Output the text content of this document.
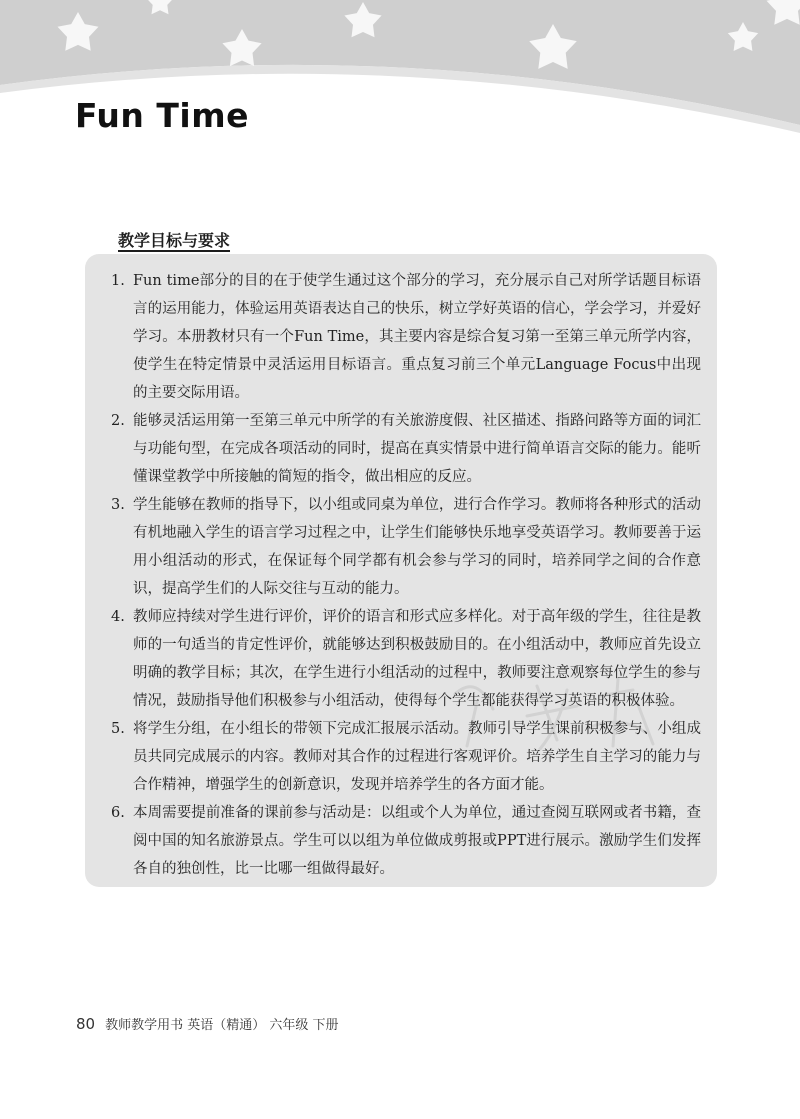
Fun Time
教学目标与要求
1. Fun time部分的目的在于使学生通过这个部分的学习，充分展示自己对所学话题目标语言的运用能力，体验运用英语表达自己的快乐，树立学好英语的信心，学会学习，并爱好学习。本册教材只有一个Fun Time，其主要内容是综合复习第一至第三单元所学内容，使学生在特定情景中灵活运用目标语言。重点复习前三个单元Language Focus中出现的主要交际用语。
2. 能够灵活运用第一至第三单元中所学的有关旅游度假、社区描述、指路问路等方面的词汇与功能句型，在完成各项活动的同时，提高在真实情景中进行简单语言交际的能力。能听懂课堂教学中所接触的简短的指令，做出相应的反应。
3. 学生能够在教师的指导下，以小组或同桌为单位，进行合作学习。教师将各种形式的活动有机地融入学生的语言学习过程之中，让学生们能够快乐地享受英语学习。教师要善于运用小组活动的形式，在保证每个同学都有机会参与学习的同时，培养同学之间的合作意识，提高学生们的人际交往与互动的能力。
4. 教师应持续对学生进行评价，评价的语言和形式应多样化。对于高年级的学生，往往是教师的一句适当的肯定性评价，就能够达到积极鼓励目的。在小组活动中，教师应首先设立明确的教学目标；其次，在学生进行小组活动的过程中，教师要注意观察每位学生的参与情况，鼓励指导他们积极参与小组活动，使得每个学生都能获得学习英语的积极体验。
5. 将学生分组，在小组长的带领下完成汇报展示活动。教师引导学生课前积极参与、小组成员共同完成展示的内容。教师对其合作的过程进行客观评价。培养学生自主学习的能力与合作精神，增强学生的创新意识，发现并培养学生的各方面才能。
6. 本周需要提前准备的课前参与活动是：以组或个人为单位，通过查阅互联网或者书籍，查阅中国的知名旅游景点。学生可以以组为单位做成剪报或PPT进行展示。激励学生们发挥各自的独创性，比一比哪一组做得最好。
80 教师教学用书 英语（精通） 六年级 下册
